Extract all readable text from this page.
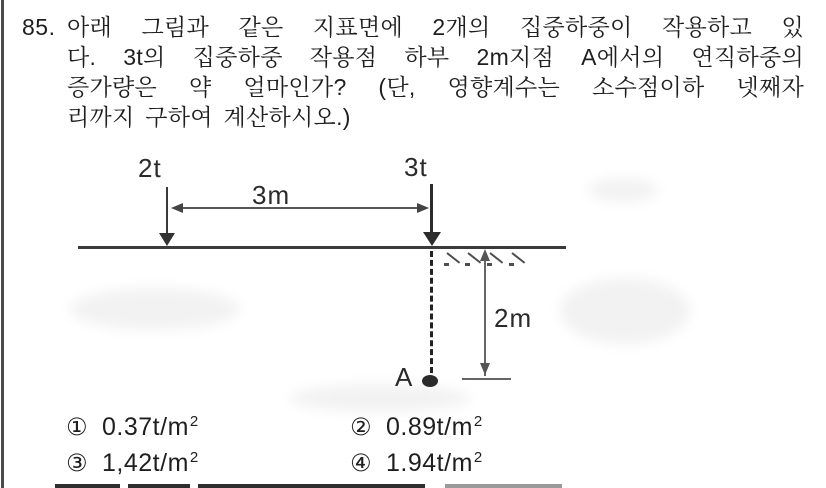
85. 아래 그림과 같은 지표면에 2개의 집중하중이 작용하고 있
다. 3t의 집중하중 작용점 하부 2m지점 A에서의 연직하중의
증가량은 약 얼마인가? (단, 영향계수는 소수점이하 넷째자
리까지 구하여 계산하시오.)
2t	3t
3m
A
2m
① 0.37t/m 2	② 0.89t/m 2
③ 1,42t/m 2	④ 1.94t/m 2
